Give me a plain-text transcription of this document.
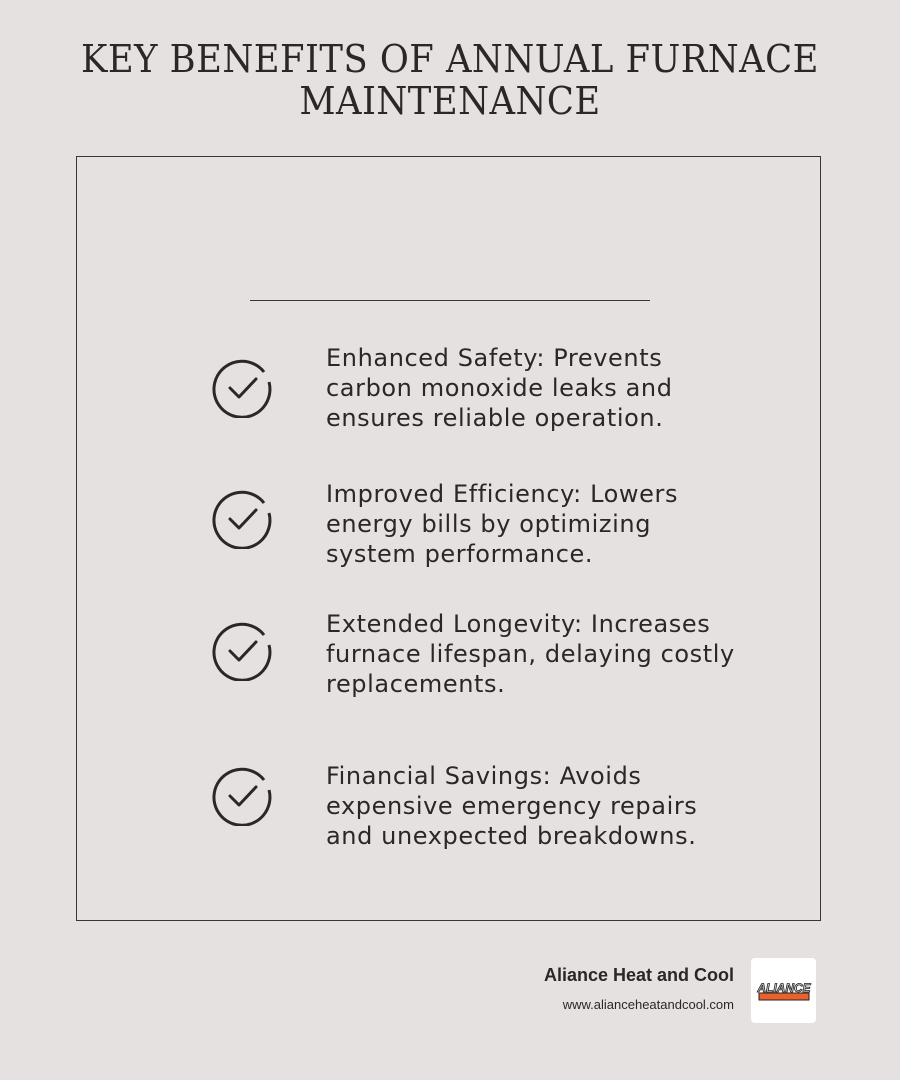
KEY BENEFITS OF ANNUAL FURNACE MAINTENANCE
Enhanced Safety: Prevents carbon monoxide leaks and ensures reliable operation.
Improved Efficiency: Lowers energy bills by optimizing system performance.
Extended Longevity: Increases furnace lifespan, delaying costly replacements.
Financial Savings: Avoids expensive emergency repairs and unexpected breakdowns.
Aliance Heat and Cool
www.alianceheatandcool.com
ALIANCE
